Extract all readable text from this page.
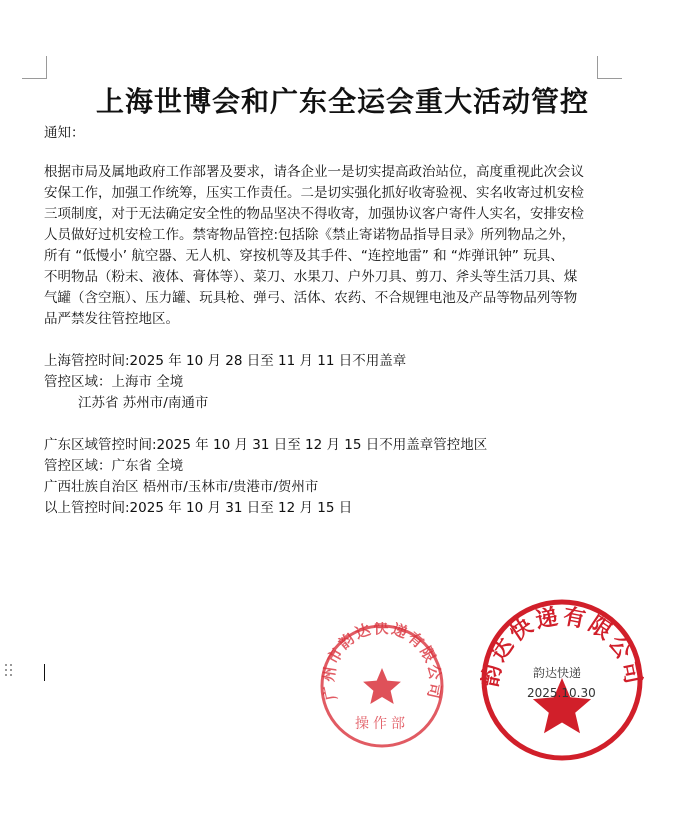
上海世博会和广东全运会重大活动管控
通知：
根据市局及属地政府工作部署及要求，请各企业一是切实提高政治站位，高度重视此次会议
安保工作，加强工作统筹，压实工作责任。二是切实强化抓好收寄验视、实名收寄过机安检
三项制度，对于无法确定安全性的物品坚决不得收寄，加强协议客户寄件人实名，安排安检
人员做好过机安检工作。禁寄物品管控:包括除《禁止寄诺物品指导目录》所列物品之外，
所有 “低慢小’ 航空器、无人机、穿按机等及其手件、“连控地雷” 和 “炸弹讯钟” 玩具、
不明物品（粉末、液体、膏体等）、菜刀、水果刀、户外刀具、剪刀、斧头等生活刀具、煤
气罐（含空瓶）、压力罐、玩具枪、弹弓、活体、农药、不合规锂电池及产品等物品列等物
品严禁发往管控地区。
上海管控时间:2025 年 10 月 28 日至 11 月 11 日不用盖章
管控区域：上海市 全境
江苏省 苏州市/南通市
广东区域管控时间:2025 年 10 月 31 日至 12 月 15 日不用盖章管控地区
管控区域：广东省 全境
广西壮族自治区 梧州市/玉林市/贵港市/贺州市
以上管控时间:2025 年 10 月 31 日至 12 月 15 日
广州市韵达快递有限公司
操作部
韵达快递有限公司
韵达快递
2025.10.30
